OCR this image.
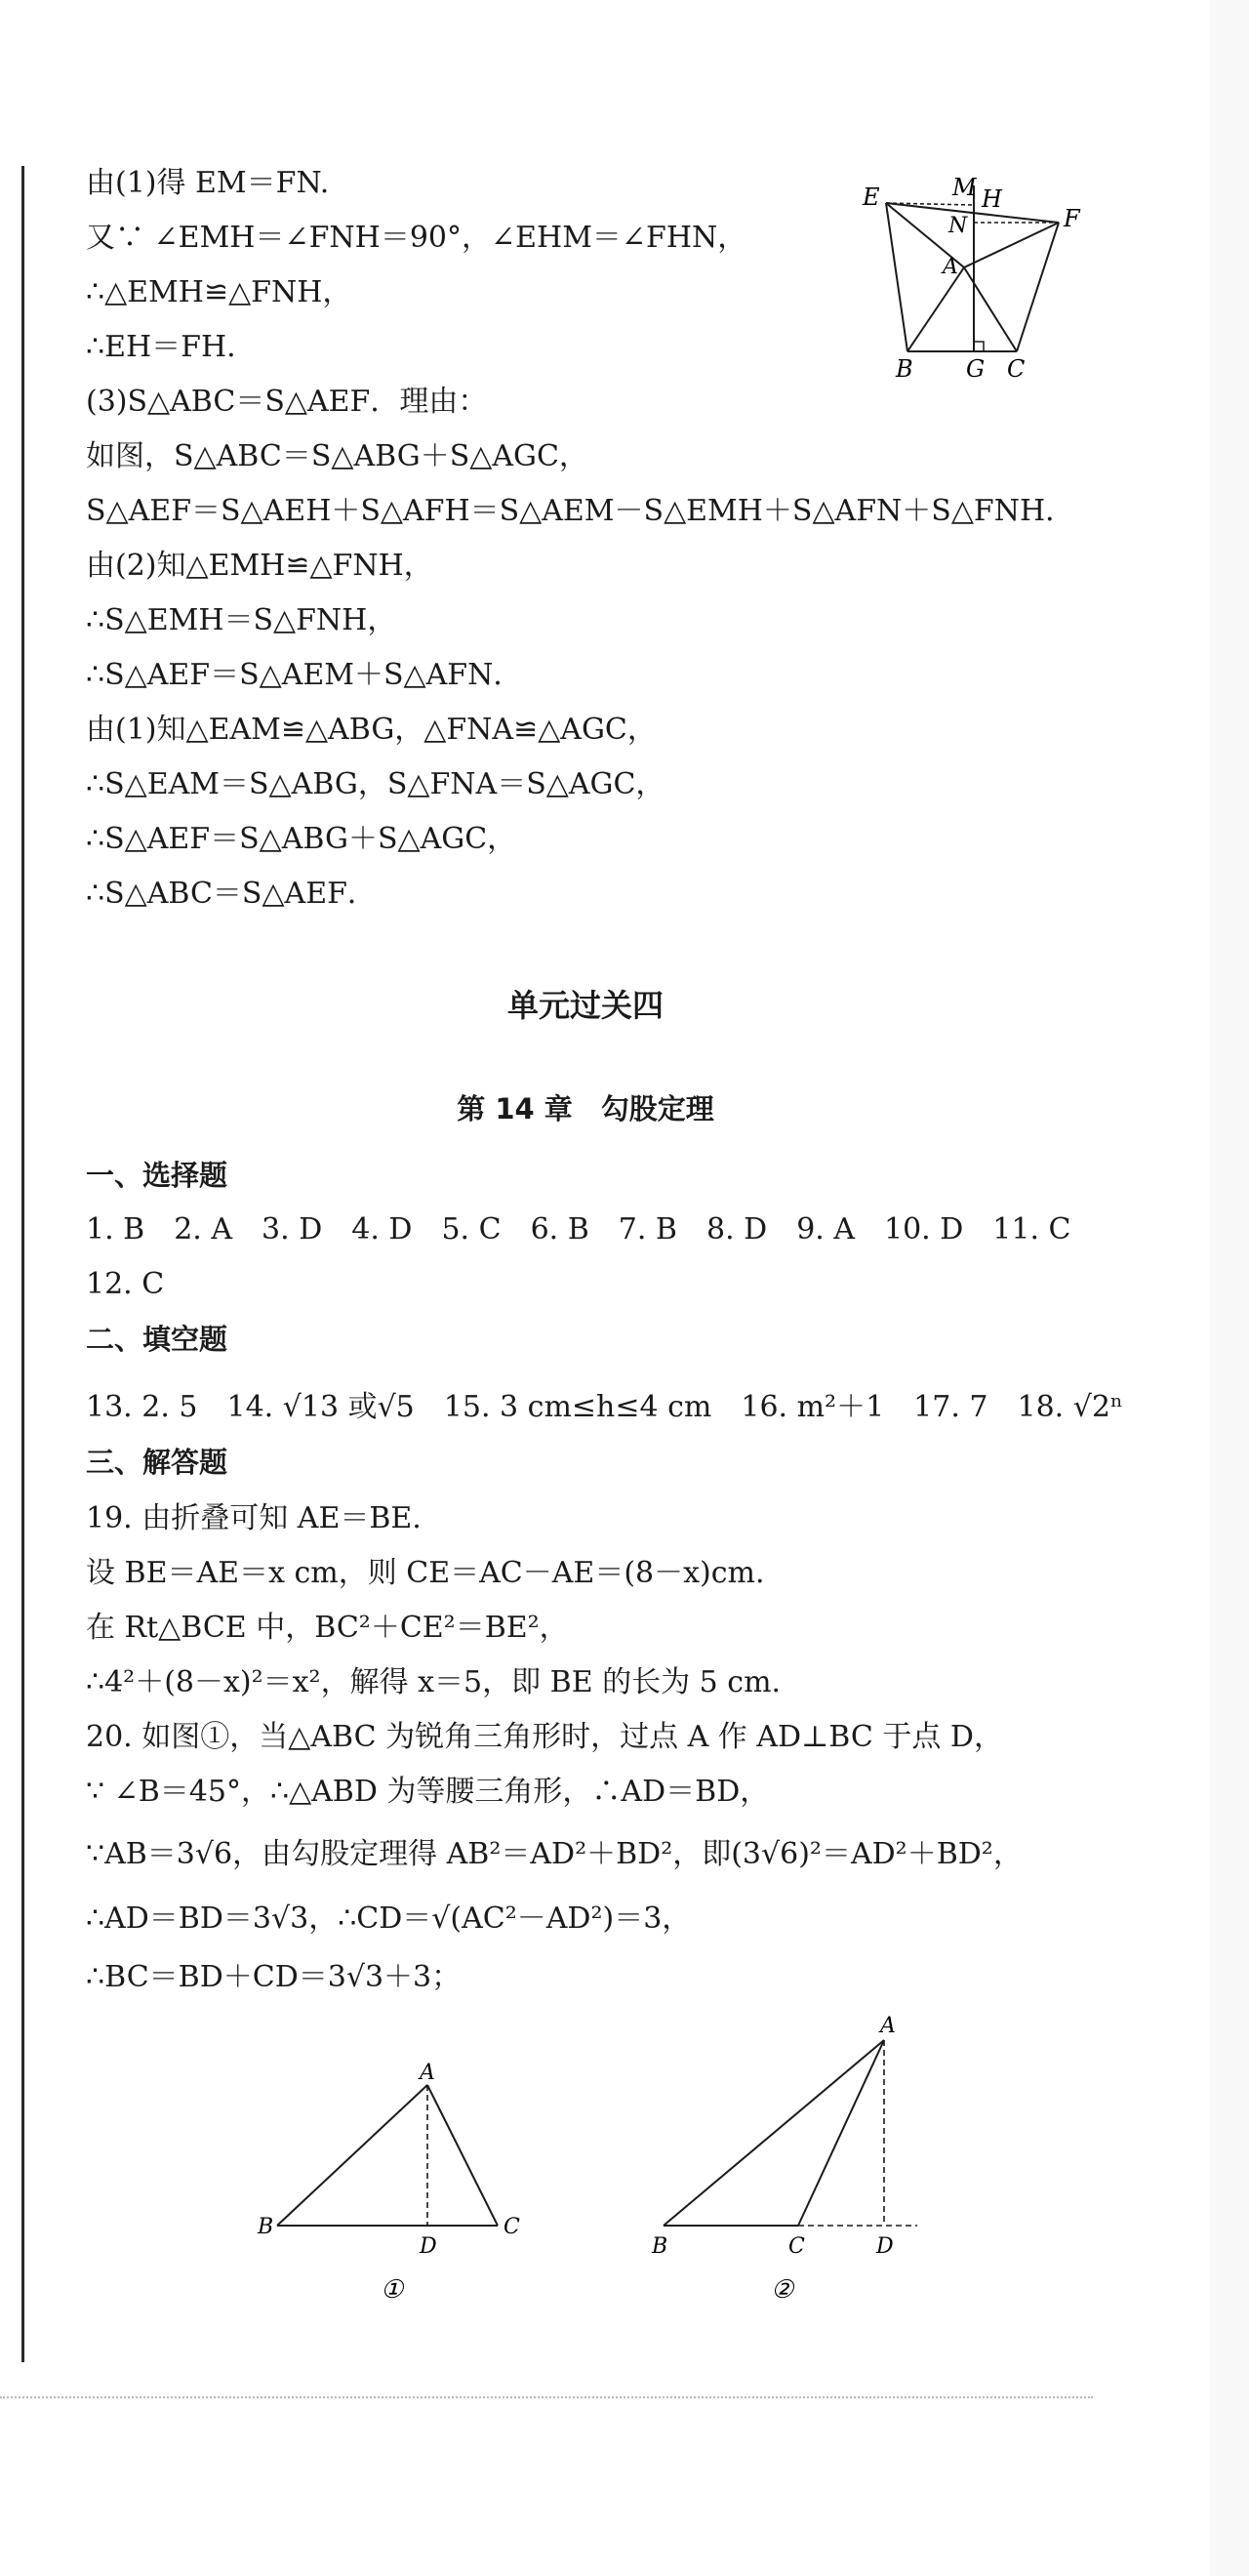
由(1)得 EM＝FN.
又∵ ∠EMH＝∠FNH＝90°，∠EHM＝∠FHN，
∴△EMH≌△FNH，
∴EH＝FH.
(3)S△ABC＝S△AEF．理由：
如图，S△ABC＝S△ABG＋S△AGC，
S△AEF＝S△AEH＋S△AFH＝S△AEM－S△EMH＋S△AFN＋S△FNH．
由(2)知△EMH≌△FNH，
∴S△EMH＝S△FNH，
∴S△AEF＝S△AEM＋S△AFN．
由(1)知△EAM≌△ABG，△FNA≌△AGC，
∴S△EAM＝S△ABG，S△FNA＝S△AGC，
∴S△AEF＝S△ABG＋S△AGC，
∴S△ABC＝S△AEF．
E	M H
F
N
A
B G C
单元过关四
第 14 章　勾股定理
一、选择题
1. B　2. A　3. D　4. D　5. C　6. B　7. B　8. D　9. A　10. D　11. C
12. C
二、填空题
13. 2. 5　14. √13 或√5　15. 3 cm≤h≤4 cm　16. m²＋1　17. 7　18. √2ⁿ
三、解答题
19. 由折叠可知 AE＝BE.
设 BE＝AE＝x cm，则 CE＝AC－AE＝(8－x)cm.
在 Rt△BCE 中，BC²＋CE²＝BE²，
∴4²＋(8－x)²＝x²，解得 x＝5，即 BE 的长为 5 cm.
20. 如图①，当△ABC 为锐角三角形时，过点 A 作 AD⊥BC 于点 D，
∵ ∠B＝45°，∴△ABD 为等腰三角形，∴AD＝BD，
∵AB＝3√6，由勾股定理得 AB²＝AD²＋BD²，即(3√6)²＝AD²＋BD²，
∴AD＝BD＝3√3，∴CD＝√(AC²－AD²)＝3，
∴BC＝BD＋CD＝3√3＋3；
A
B
D
C
①
A
B	C	D
②
